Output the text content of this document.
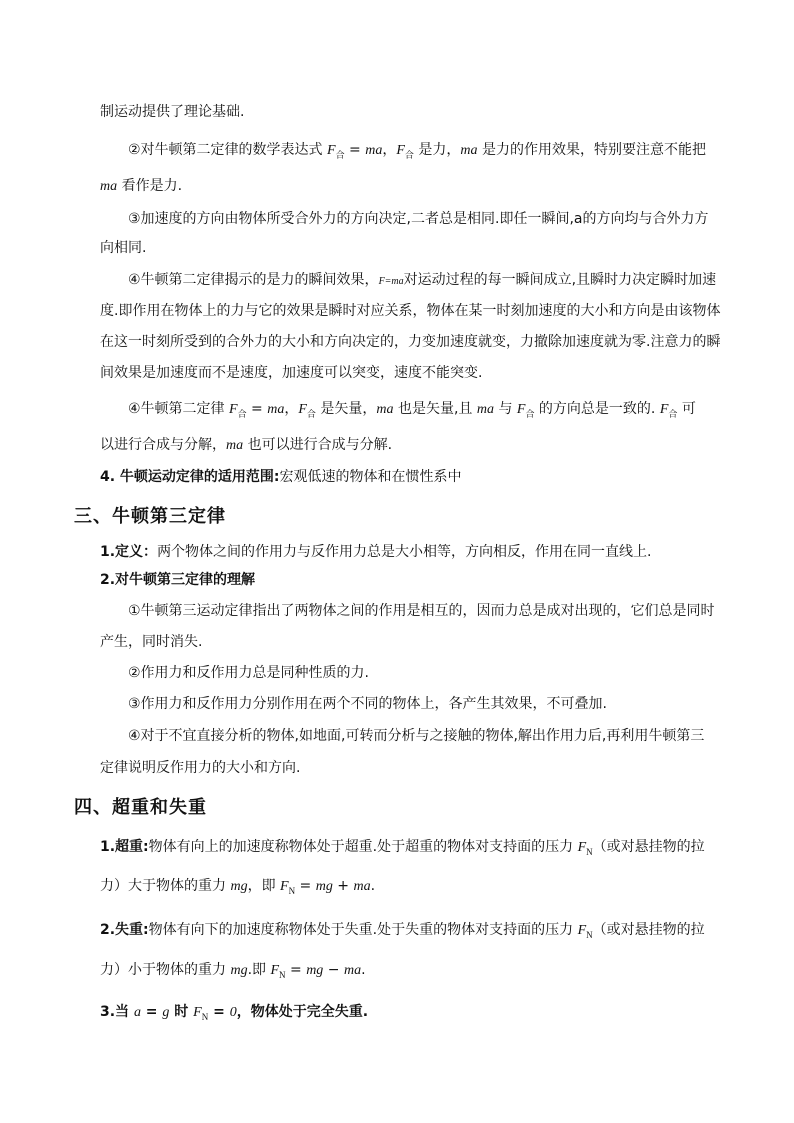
制运动提供了理论基础.
②对牛顿第二定律的数学表达式 $F_合$ = ma，$F_合$ 是力，ma 是力的作用效果，特别要注意不能把
ma 看作是力.
③加速度的方向由物体所受合外力的方向决定,二者总是相同.即任一瞬间,a的方向均与合外力方
向相同.
④牛顿第二定律揭示的是力的瞬间效果，F=ma对运动过程的每一瞬间成立,且瞬时力决定瞬时加速
度.即作用在物体上的力与它的效果是瞬时对应关系，物体在某一时刻加速度的大小和方向是由该物体
在这一时刻所受到的合外力的大小和方向决定的，力变加速度就变，力撤除加速度就为零.注意力的瞬
间效果是加速度而不是速度，加速度可以突变，速度不能突变.
④牛顿第二定律 $F_合$ = ma，$F_合$ 是矢量，ma 也是矢量,且 ma 与 $F_合$ 的方向总是一致的. $F_合$ 可
以进行合成与分解，ma 也可以进行合成与分解.
4. 牛顿运动定律的适用范围:宏观低速的物体和在惯性系中
三、牛顿第三定律
1.定义：两个物体之间的作用力与反作用力总是大小相等，方向相反，作用在同一直线上.
2.对牛顿第三定律的理解
①牛顿第三运动定律指出了两物体之间的作用是相互的，因而力总是成对出现的，它们总是同时
产生，同时消失.
②作用力和反作用力总是同种性质的力.
③作用力和反作用力分别作用在两个不同的物体上，各产生其效果，不可叠加.
④对于不宜直接分析的物体,如地面,可转而分析与之接触的物体,解出作用力后,再利用牛顿第三
定律说明反作用力的大小和方向.
四、超重和失重
1.超重:物体有向上的加速度称物体处于超重.处于超重的物体对支持面的压力 $F_N$（或对悬挂物的拉
力）大于物体的重力 mg，即 $F_N$ = mg + ma.
2.失重:物体有向下的加速度称物体处于失重.处于失重的物体对支持面的压力 $F_N$（或对悬挂物的拉
力）小于物体的重力 mg.即 $F_N$ = mg − ma.
3.当 a = g 时 $F_N = 0$，物体处于完全失重.
